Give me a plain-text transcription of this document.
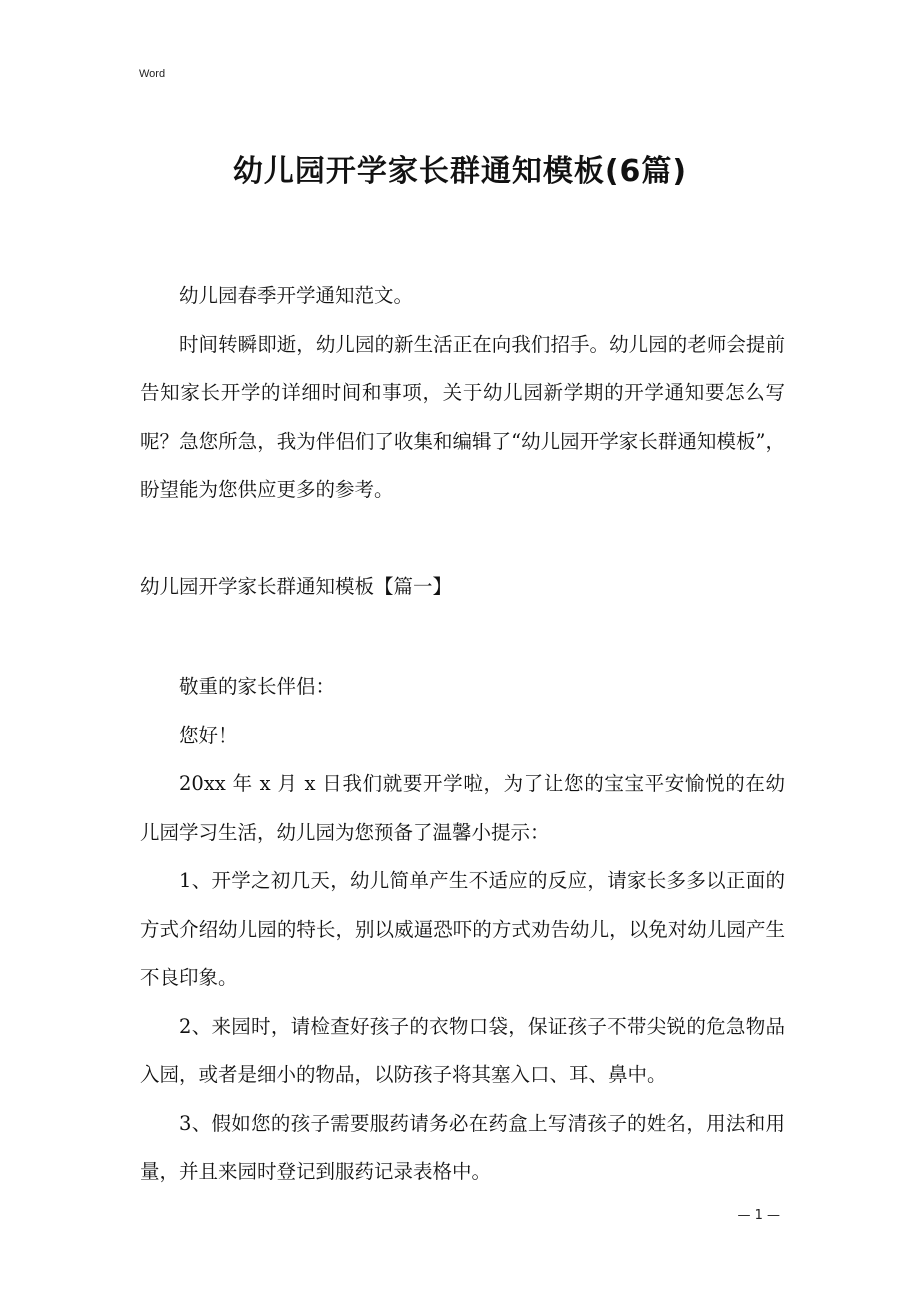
Word
幼儿园开学家长群通知模板(6篇)

幼儿园春季开学通知范文。

时间转瞬即逝，幼儿园的新生活正在向我们招手。幼儿园的老师会提前告知家长开学的详细时间和事项，关于幼儿园新学期的开学通知要怎么写呢？急您所急，我为伴侣们了收集和编辑了“幼儿园开学家长群通知模板”，盼望能为您供应更多的参考。

幼儿园开学家长群通知模板【篇一】

敬重的家长伴侣：

您好！

20xx 年 x 月 x 日我们就要开学啦，为了让您的宝宝平安愉悦的在幼儿园学习生活，幼儿园为您预备了温馨小提示：

1、开学之初几天，幼儿简单产生不适应的反应，请家长多多以正面的方式介绍幼儿园的特长，别以威逼恐吓的方式劝告幼儿，以免对幼儿园产生不良印象。

2、来园时，请检查好孩子的衣物口袋，保证孩子不带尖锐的危急物品入园，或者是细小的物品，以防孩子将其塞入口、耳、鼻中。

3、假如您的孩子需要服药请务必在药盒上写清孩子的姓名，用法和用量，并且来园时登记到服药记录表格中。

— 1 —
